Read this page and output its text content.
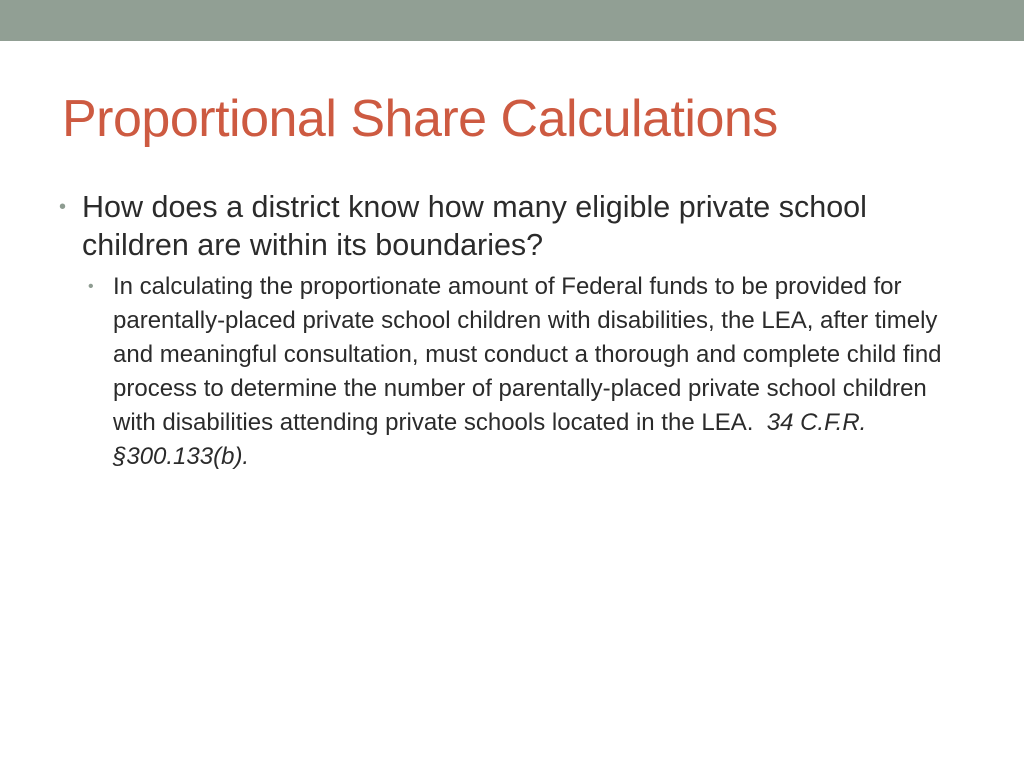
Proportional Share Calculations
• How does a district know how many eligible private school children are within its boundaries?
• In calculating the proportionate amount of Federal funds to be provided for parentally-placed private school children with disabilities, the LEA, after timely and meaningful consultation, must conduct a thorough and complete child find process to determine the number of parentally-placed private school children with disabilities attending private schools located in the LEA. 34 C.F.R. §300.133(b).
